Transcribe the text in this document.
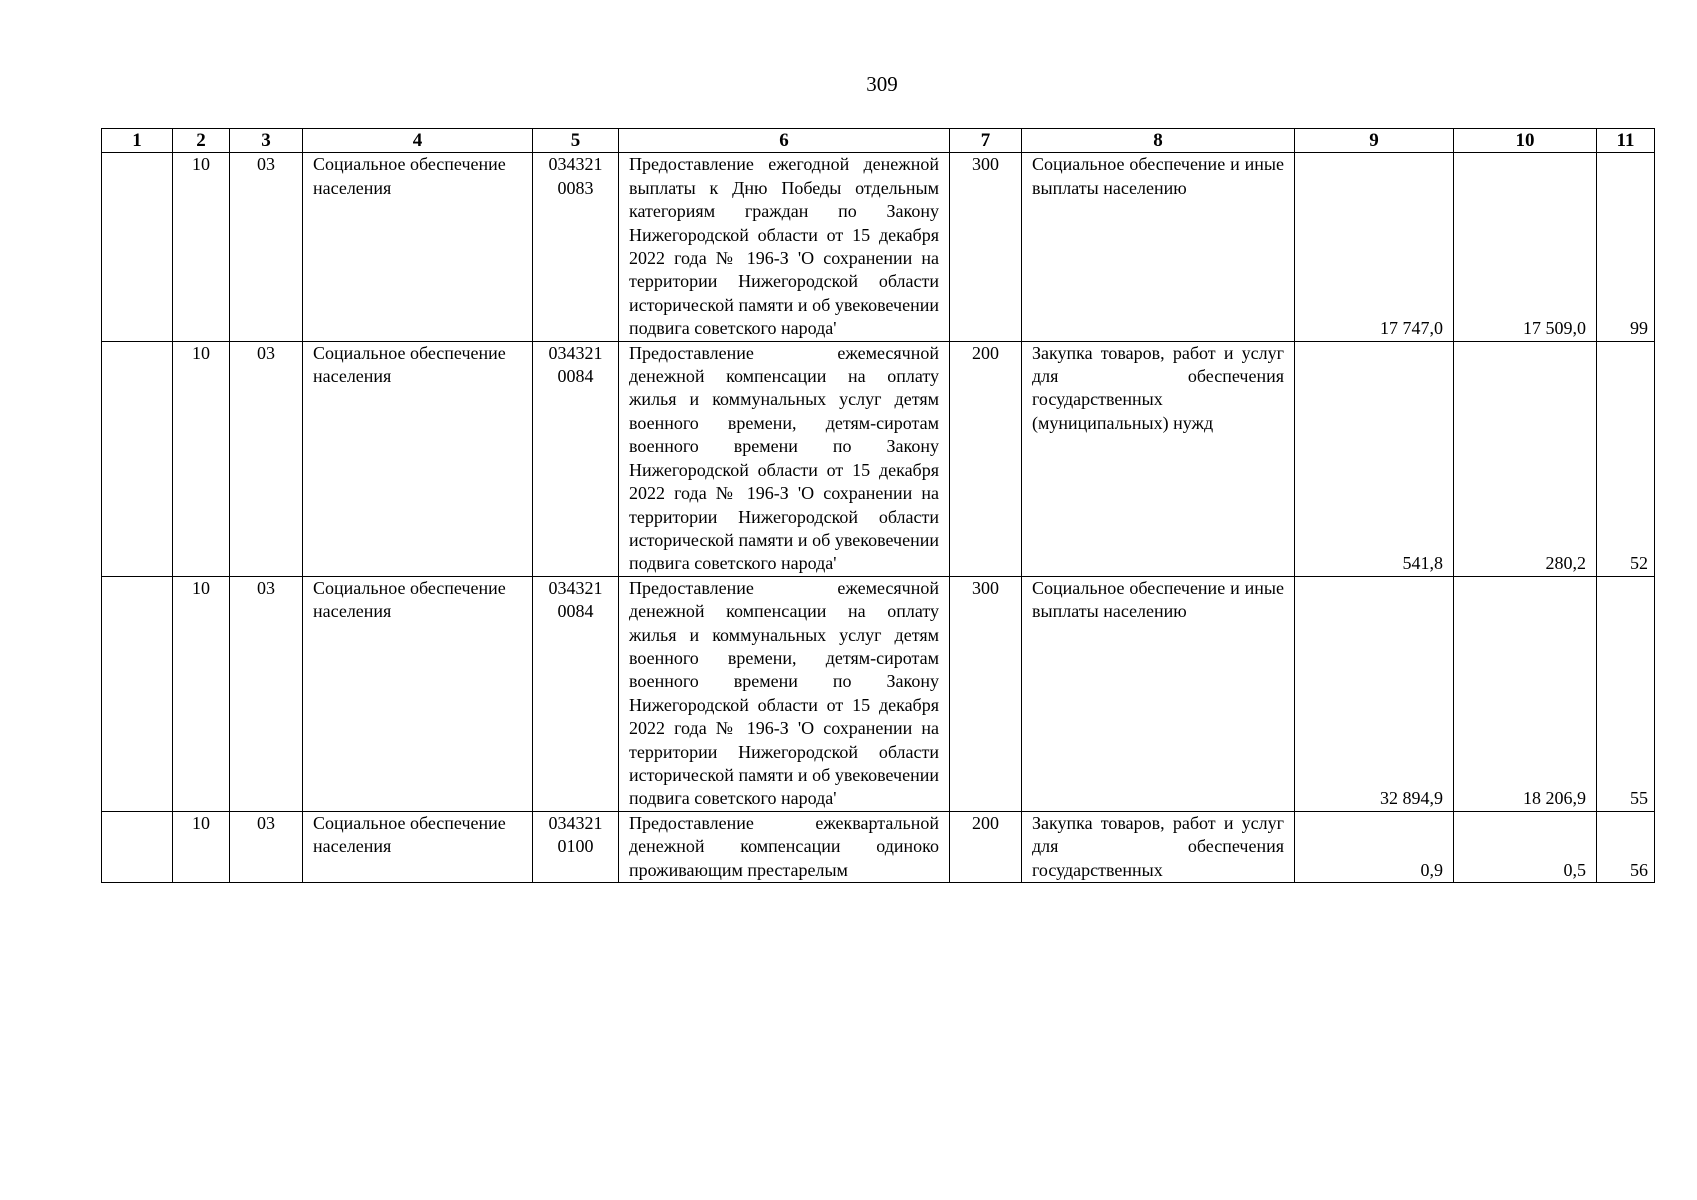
309
1	2	3	4	5	6	7	8	9	10	11
	10	03	Социальное обеспечение населения	034321 0083	Предоставление ежегодной денежной выплаты к Дню Победы отдельным категориям граждан по Закону Нижегородской области от 15 декабря 2022 года № 196-З 'О сохранении на территории Нижегородской области исторической памяти и об увековечении подвига советского народа'	300	Социальное обеспечение и иные выплаты населению	17 747,0	17 509,0	99
	10	03	Социальное обеспечение населения	034321 0084	Предоставление ежемесячной денежной компенсации на оплату жилья и коммунальных услуг детям военного времени, детям-сиротам военного времени по Закону Нижегородской области от 15 декабря 2022 года № 196-З 'О сохранении на территории Нижегородской области исторической памяти и об увековечении подвига советского народа'	200	Закупка товаров, работ и услуг для обеспечения государственных (муниципальных) нужд	541,8	280,2	52
	10	03	Социальное обеспечение населения	034321 0084	Предоставление ежемесячной денежной компенсации на оплату жилья и коммунальных услуг детям военного времени, детям-сиротам военного времени по Закону Нижегородской области от 15 декабря 2022 года № 196-З 'О сохранении на территории Нижегородской области исторической памяти и об увековечении подвига советского народа'	300	Социальное обеспечение и иные выплаты населению	32 894,9	18 206,9	55
	10	03	Социальное обеспечение населения	034321 0100	Предоставление ежеквартальной денежной компенсации одиноко проживающим престарелым	200	Закупка товаров, работ и услуг для обеспечения государственных	0,9	0,5	56
